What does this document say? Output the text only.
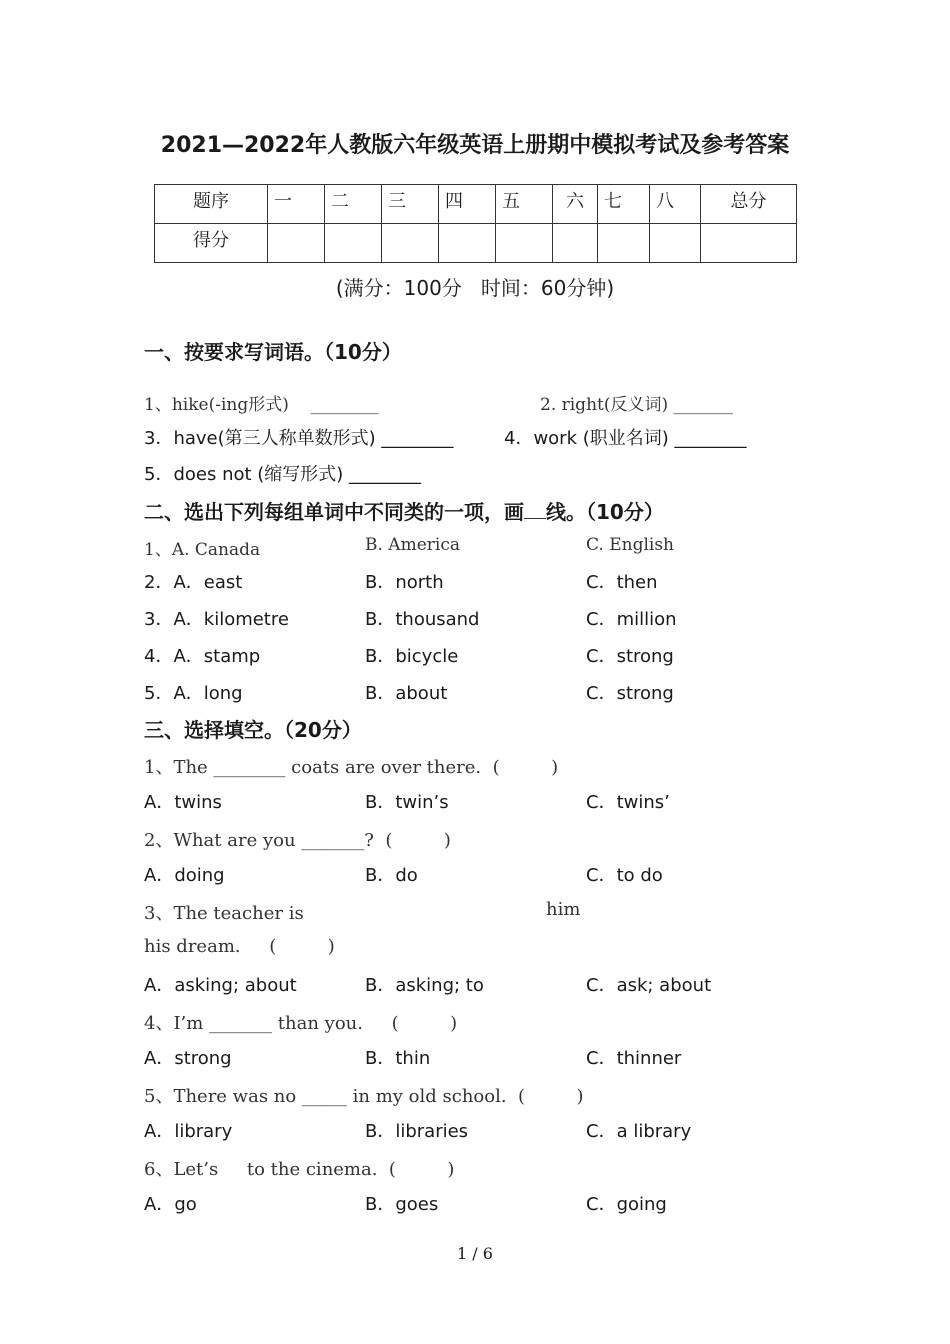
2021—2022年人教版六年级英语上册期中模拟考试及参考答案
题序	一	二	三	四	五	六	七	八	总分
得分									
(满分：100分   时间：60分钟)
一、按要求写词语。（10分）
1、hike(-ing形式)    ________	2. right(反义词) _______
3．have(第三人称单数形式) ________	4．work (职业名词) ________
5．does not (缩写形式) ________
二、选出下列每组单词中不同类的一项，画 线。（10分）
1、A. Canada	B. America	C. English
2．A．east	B．north	C．then
3．A．kilometre	B．thousand	C．million
4．A．stamp	B．bicycle	C．strong
5．A．long	B．about	C．strong
三、选择填空。（20分）
1、The ________ coats are over there.  (         )
A．twins	B．twin’s	C．twins’
2、What are you _______?  (         )
A．doing	B．do	C．to do
3、The teacher is	him
his dream.     (         )
A．asking; about	B．asking; to	C．ask; about
4、I’m _______ than you.     (         )
A．strong	B．thin	C．thinner
5、There was no _____ in my old school.  (         )
A．library	B．libraries	C．a library
6、Let’s     to the cinema.  (         )
A．go	B．goes	C．going
1 / 6
